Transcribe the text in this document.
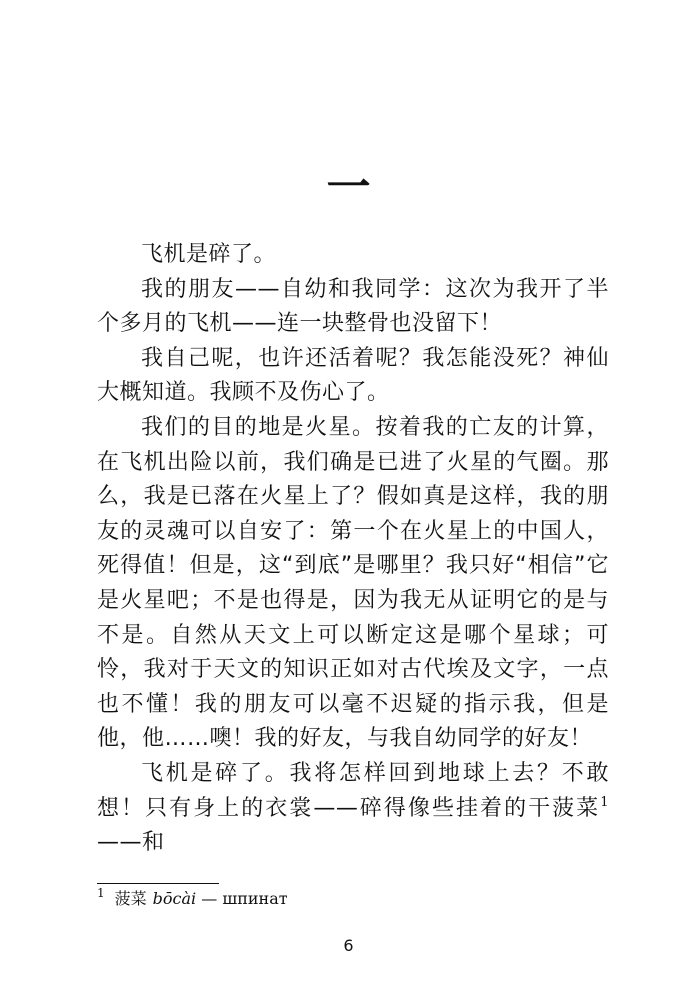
一

飞机是碎了。

我的朋友——自幼和我同学：这次为我开了半个多月的飞机——连一块整骨也没留下！

我自己呢，也许还活着呢？我怎能没死？神仙大概知道。我顾不及伤心了。

我们的目的地是火星。按着我的亡友的计算，在飞机出险以前，我们确是已进了火星的气圈。那么，我是已落在火星上了？假如真是这样，我的朋友的灵魂可以自安了：第一个在火星上的中国人，死得值！但是，这“到底”是哪里？我只好“相信”它是火星吧；不是也得是，因为我无从证明它的是与不是。自然从天文上可以断定这是哪个星球；可怜，我对于天文的知识正如对古代埃及文字，一点也不懂！我的朋友可以毫不迟疑的指示我，但是他，他……噢！我的好友，与我自幼同学的好友！

飞机是碎了。我将怎样回到地球上去？不敢想！只有身上的衣裳——碎得像些挂着的干菠菜$^1$——和

$^1$ 菠菜 bōcài — шпинат
6
